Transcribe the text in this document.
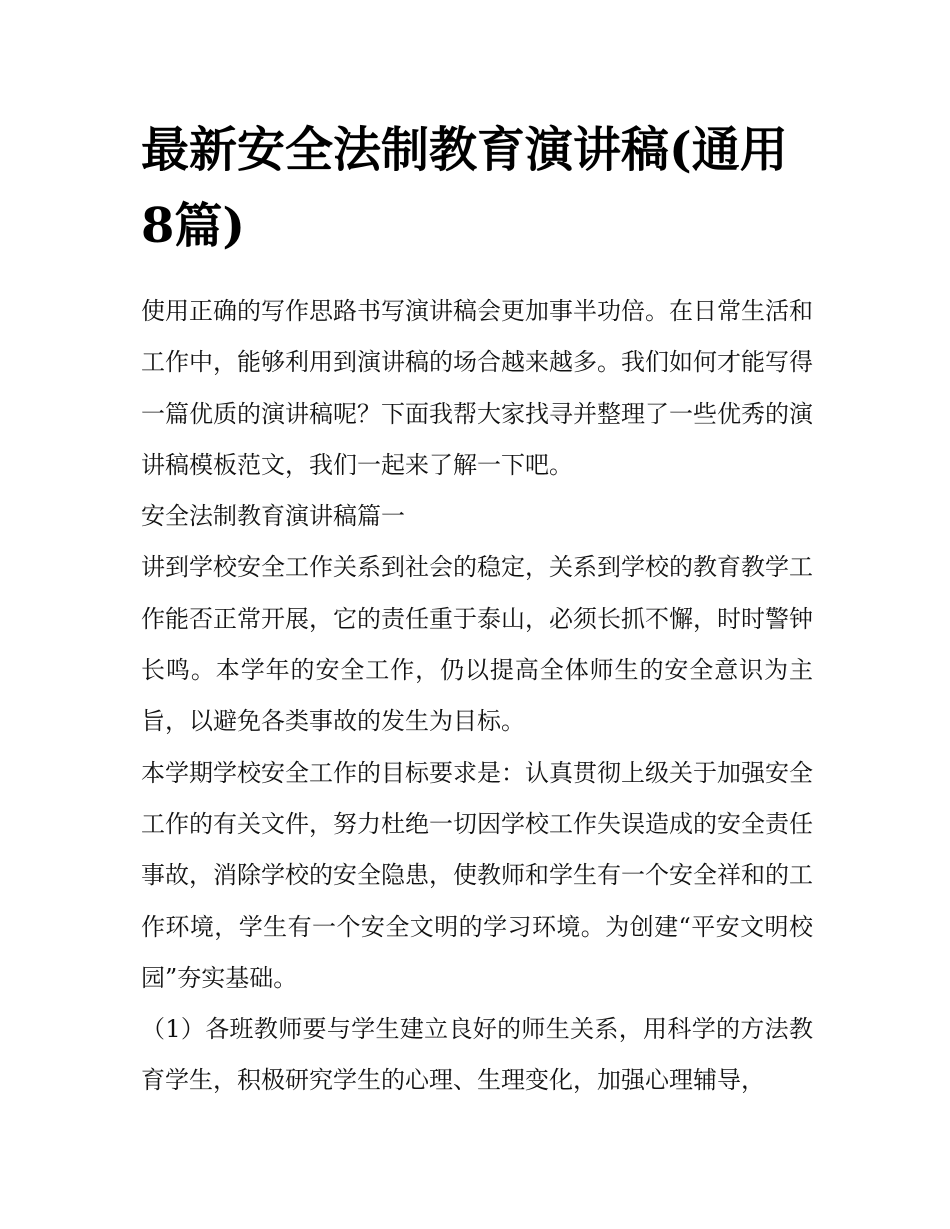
最新安全法制教育演讲稿(通用8篇)

使用正确的写作思路书写演讲稿会更加事半功倍。在日常生活和工作中，能够利用到演讲稿的场合越来越多。我们如何才能写得一篇优质的演讲稿呢？下面我帮大家找寻并整理了一些优秀的演讲稿模板范文，我们一起来了解一下吧。

安全法制教育演讲稿篇一

讲到学校安全工作关系到社会的稳定，关系到学校的教育教学工作能否正常开展，它的责任重于泰山，必须长抓不懈，时时警钟长鸣。本学年的安全工作，仍以提高全体师生的安全意识为主旨，以避免各类事故的发生为目标。

本学期学校安全工作的目标要求是：认真贯彻上级关于加强安全工作的有关文件，努力杜绝一切因学校工作失误造成的安全责任事故，消除学校的安全隐患，使教师和学生有一个安全祥和的工作环境，学生有一个安全文明的学习环境。为创建“平安文明校园”夯实基础。

（1）各班教师要与学生建立良好的师生关系，用科学的方法教育学生，积极研究学生的心理、生理变化，加强心理辅导，
